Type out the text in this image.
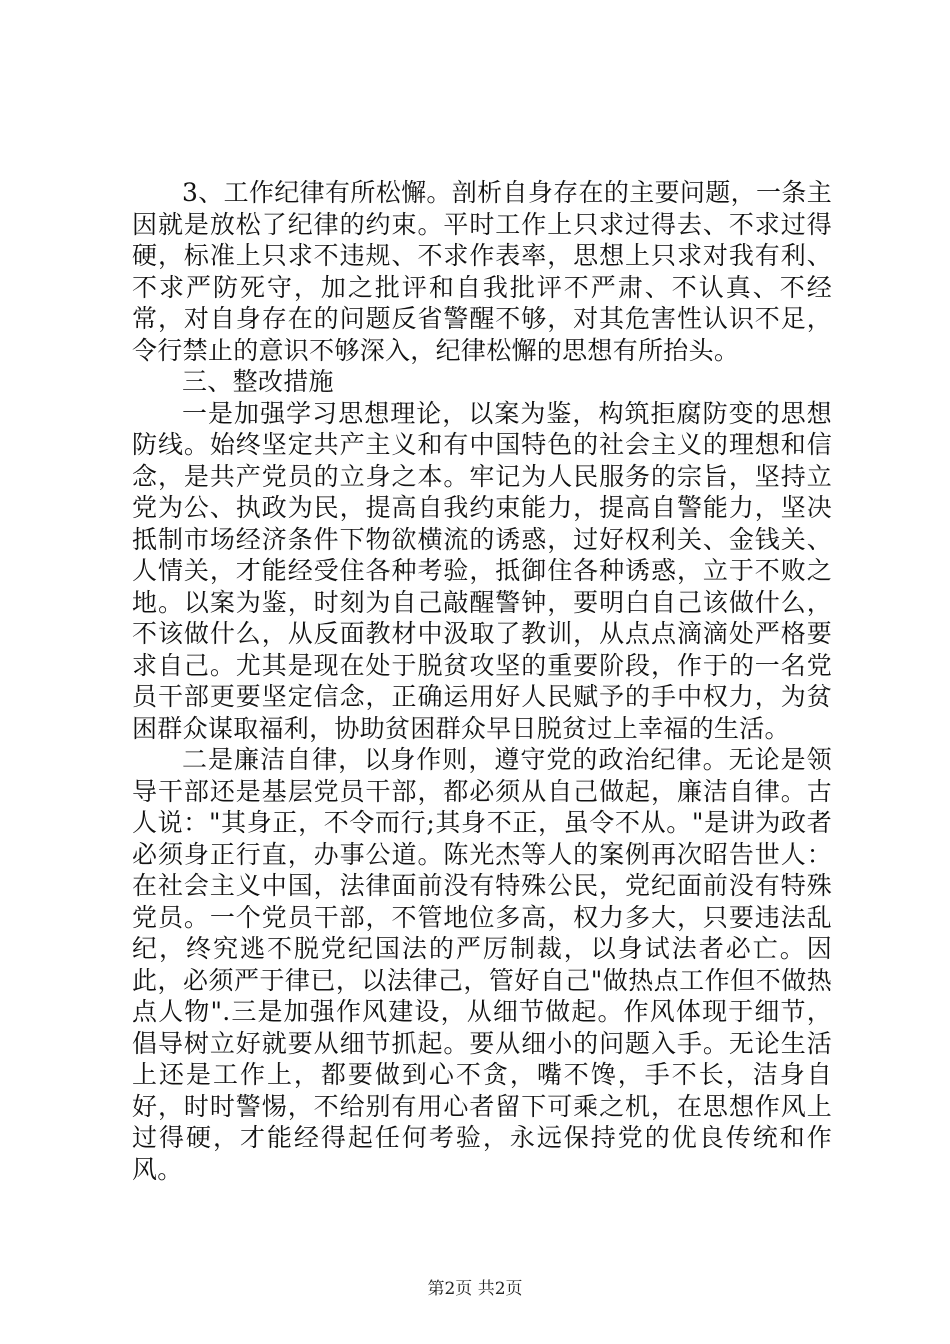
3、工作纪律有所松懈。剖析自身存在的主要问题，一条主因就是放松了纪律的约束。平时工作上只求过得去、不求过得硬，标准上只求不违规、不求作表率，思想上只求对我有利、不求严防死守，加之批评和自我批评不严肃、不认真、不经常，对自身存在的问题反省警醒不够，对其危害性认识不足，令行禁止的意识不够深入，纪律松懈的思想有所抬头。

三、整改措施

一是加强学习思想理论，以案为鉴，构筑拒腐防变的思想防线。始终坚定共产主义和有中国特色的社会主义的理想和信念，是共产党员的立身之本。牢记为人民服务的宗旨，坚持立党为公、执政为民，提高自我约束能力，提高自警能力，坚决抵制市场经济条件下物欲横流的诱惑，过好权利关、金钱关、人情关，才能经受住各种考验，抵御住各种诱惑，立于不败之地。以案为鉴，时刻为自己敲醒警钟，要明白自己该做什么，不该做什么，从反面教材中汲取了教训，从点点滴滴处严格要求自己。尤其是现在处于脱贫攻坚的重要阶段，作于的一名党员干部更要坚定信念，正确运用好人民赋予的手中权力，为贫困群众谋取福利，协助贫困群众早日脱贫过上幸福的生活。

二是廉洁自律，以身作则，遵守党的政治纪律。无论是领导干部还是基层党员干部，都必须从自己做起，廉洁自律。古人说："其身正，不令而行;其身不正，虽令不从。"是讲为政者必须身正行直，办事公道。陈光杰等人的案例再次昭告世人：在社会主义中国，法律面前没有特殊公民，党纪面前没有特殊党员。一个党员干部，不管地位多高，权力多大，只要违法乱纪，终究逃不脱党纪国法的严厉制裁，以身试法者必亡。因此，必须严于律已，以法律己，管好自己"做热点工作但不做热点人物".三是加强作风建设，从细节做起。作风体现于细节，倡导树立好就要从细节抓起。要从细小的问题入手。无论生活上还是工作上，都要做到心不贪，嘴不馋，手不长，洁身自好，时时警惕，不给别有用心者留下可乘之机，在思想作风上过得硬，才能经得起任何考验，永远保持党的优良传统和作风。

第2页 共2页
